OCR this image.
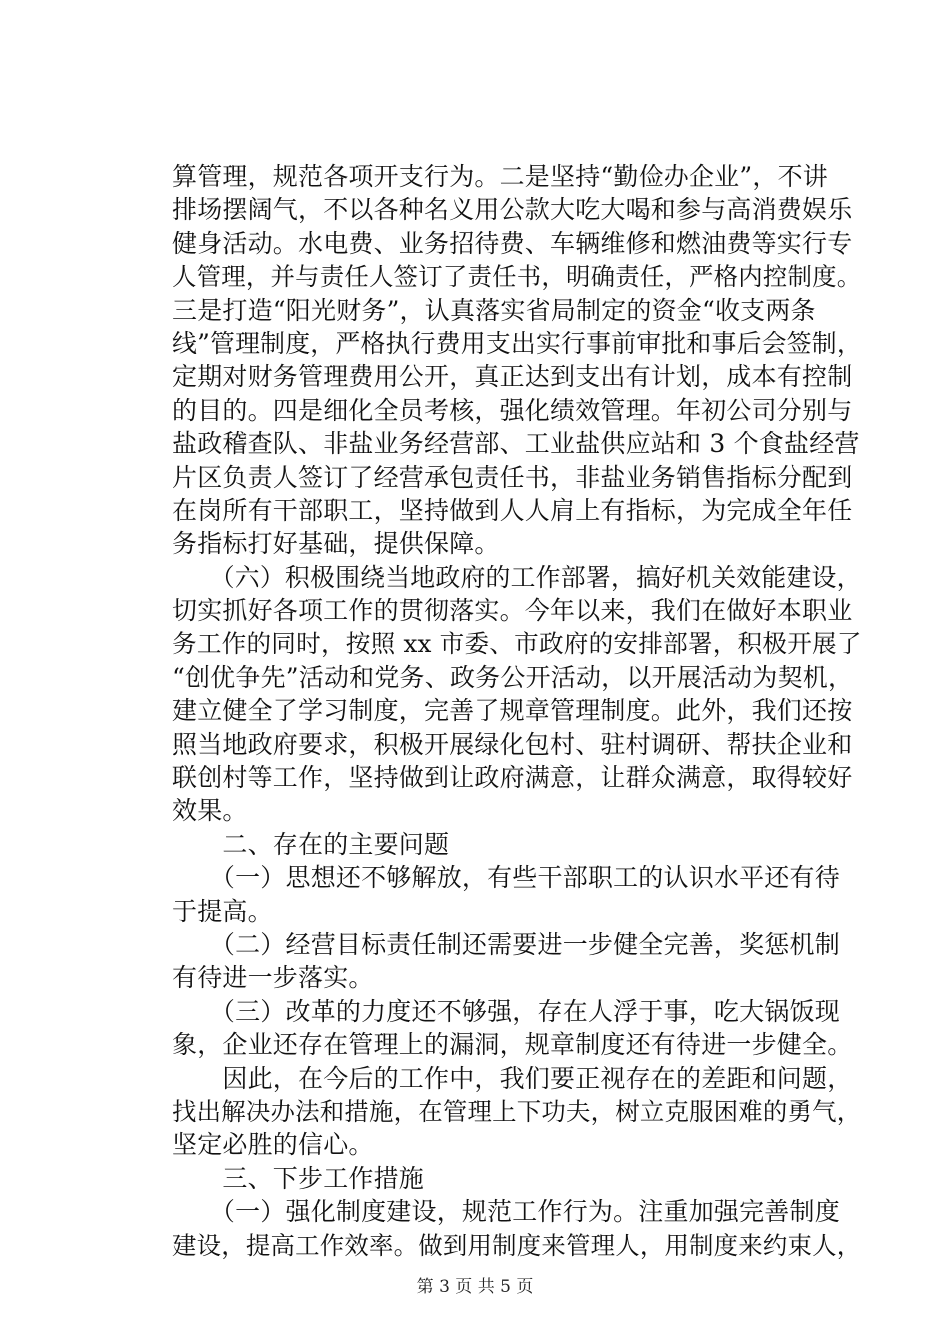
算管理，规范各项开支行为。二是坚持“勤俭办企业”，不讲
排场摆阔气，不以各种名义用公款大吃大喝和参与高消费娱乐
健身活动。水电费、业务招待费、车辆维修和燃油费等实行专
人管理，并与责任人签订了责任书，明确责任，严格内控制度。
三是打造“阳光财务”，认真落实省局制定的资金“收支两条
线”管理制度，严格执行费用支出实行事前审批和事后会签制，
定期对财务管理费用公开，真正达到支出有计划，成本有控制
的目的。四是细化全员考核，强化绩效管理。年初公司分别与
盐政稽查队、非盐业务经营部、工业盐供应站和 3 个食盐经营
片区负责人签订了经营承包责任书，非盐业务销售指标分配到
在岗所有干部职工，坚持做到人人肩上有指标，为完成全年任
务指标打好基础，提供保障。
　　（六）积极围绕当地政府的工作部署，搞好机关效能建设，
切实抓好各项工作的贯彻落实。今年以来，我们在做好本职业
务工作的同时，按照 xx 市委、市政府的安排部署，积极开展了
“创优争先”活动和党务、政务公开活动，以开展活动为契机，
建立健全了学习制度，完善了规章管理制度。此外，我们还按
照当地政府要求，积极开展绿化包村、驻村调研、帮扶企业和
联创村等工作，坚持做到让政府满意，让群众满意，取得较好
效果。
　　二、存在的主要问题
　　（一）思想还不够解放，有些干部职工的认识水平还有待
于提高。
　　（二）经营目标责任制还需要进一步健全完善，奖惩机制
有待进一步落实。
　　（三）改革的力度还不够强，存在人浮于事，吃大锅饭现
象，企业还存在管理上的漏洞，规章制度还有待进一步健全。
　　因此，在今后的工作中，我们要正视存在的差距和问题，
找出解决办法和措施，在管理上下功夫，树立克服困难的勇气，
坚定必胜的信心。
　　三、下步工作措施
　　（一）强化制度建设，规范工作行为。注重加强完善制度
建设，提高工作效率。做到用制度来管理人，用制度来约束人，
第 3 页 共 5 页
